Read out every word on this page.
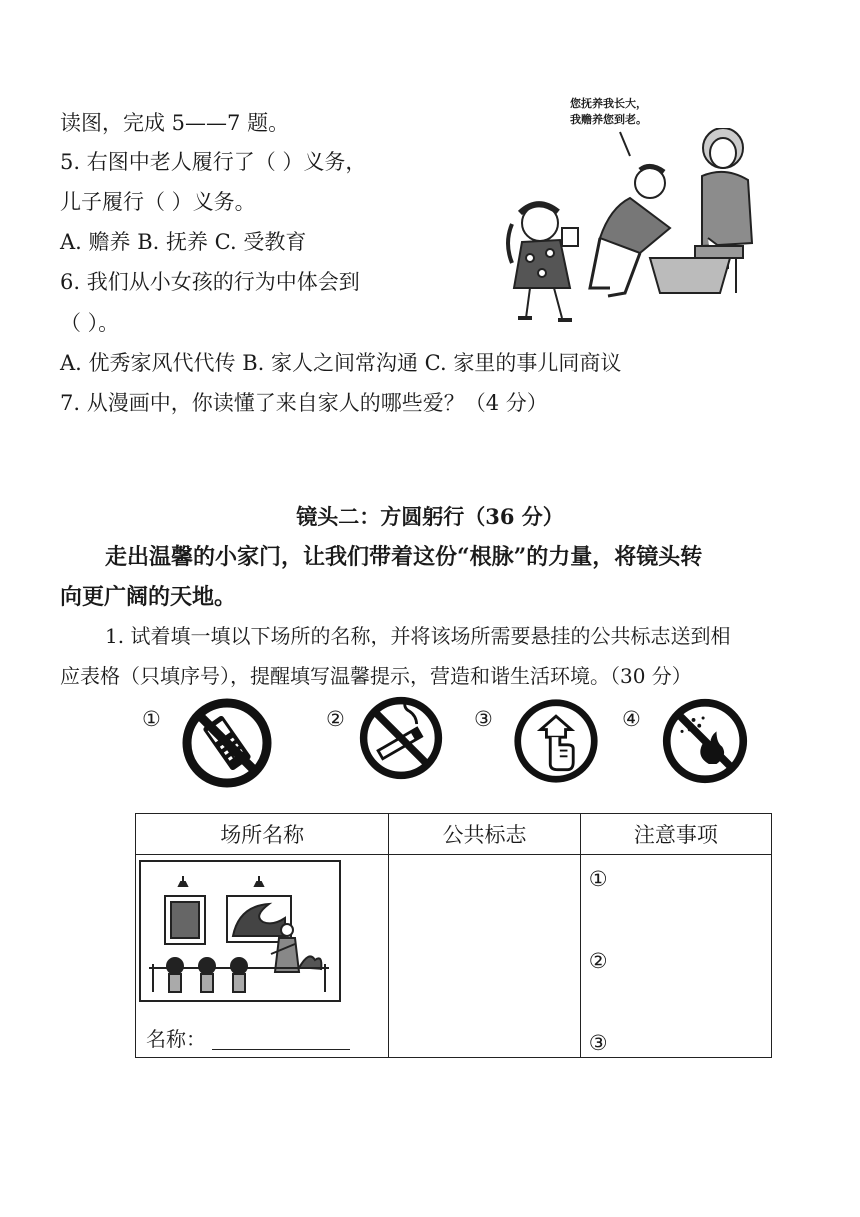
读图，完成 5——7 题。
5. 右图中老人履行了（ ）义务，
儿子履行（ ）义务。
A. 赡养 B. 抚养 C. 受教育
6. 我们从小女孩的行为中体会到
（ ）。
A. 优秀家风代代传 B. 家人之间常沟通 C. 家里的事儿同商议
7. 从漫画中，你读懂了来自家人的哪些爱？（4 分）
您抚养我长大，
我赡养您到老。
镜头二：方圆躬行（36 分）
走出温馨的小家门，让我们带着这份“根脉”的力量，将镜头转
向更广阔的天地。
1. 试着填一填以下场所的名称，并将该场所需要悬挂的公共标志送到相
应表格（只填序号），提醒填写温馨提示，营造和谐生活环境。（30 分）
①	②	③	④
场所名称	公共标志	注意事项

名称：		①
②
③
